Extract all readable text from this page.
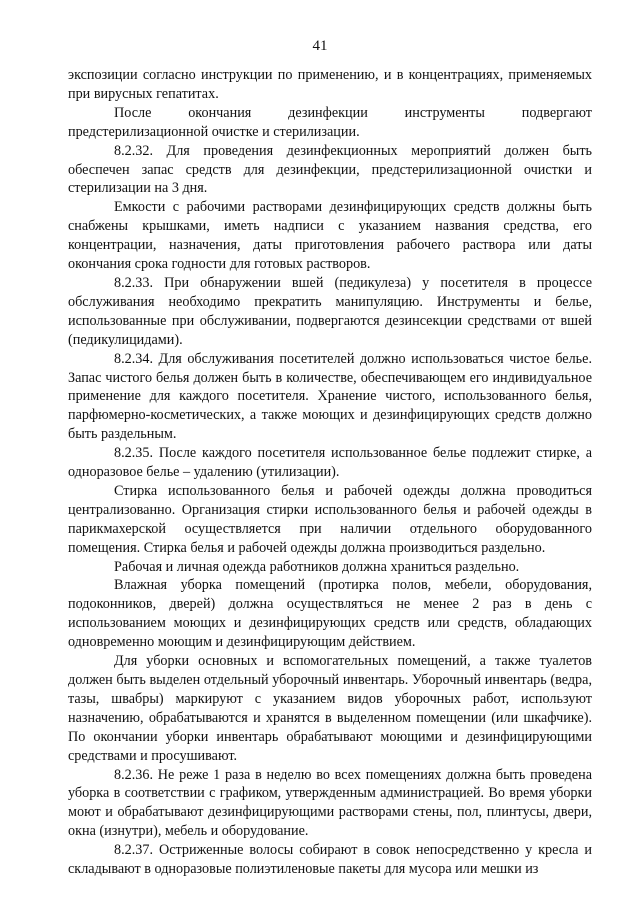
41

экспозиции согласно инструкции по применению, и в концентрациях, применяемых при вирусных гепатитах.

После окончания дезинфекции инструменты подвергают предстерилизационной очистке и стерилизации.

8.2.32. Для проведения дезинфекционных мероприятий должен быть обеспечен запас средств для дезинфекции, предстерилизационной очистки и стерилизации на 3 дня.

Емкости с рабочими растворами дезинфицирующих средств должны быть снабжены крышками, иметь надписи с указанием названия средства, его концентрации, назначения, даты приготовления рабочего раствора или даты окончания срока годности для готовых растворов.

8.2.33. При обнаружении вшей (педикулеза) у посетителя в процессе обслуживания необходимо прекратить манипуляцию. Инструменты и белье, использованные при обслуживании, подвергаются дезинсекции средствами от вшей (педикулицидами).

8.2.34. Для обслуживания посетителей должно использоваться чистое белье. Запас чистого белья должен быть в количестве, обеспечивающем его индивидуальное применение для каждого посетителя. Хранение чистого, использованного белья, парфюмерно-косметических, а также моющих и дезинфицирующих средств должно быть раздельным.

8.2.35. После каждого посетителя использованное белье подлежит стирке, а одноразовое белье – удалению (утилизации).

Стирка использованного белья и рабочей одежды должна проводиться централизованно. Организация стирки использованного белья и рабочей одежды в парикмахерской осуществляется при наличии отдельного оборудованного помещения. Стирка белья и рабочей одежды должна производиться раздельно.

Рабочая и личная одежда работников должна храниться раздельно.

Влажная уборка помещений (протирка полов, мебели, оборудования, подоконников, дверей) должна осуществляться не менее 2 раз в день с использованием моющих и дезинфицирующих средств или средств, обладающих одновременно моющим и дезинфицирующим действием.

Для уборки основных и вспомогательных помещений, а также туалетов должен быть выделен отдельный уборочный инвентарь. Уборочный инвентарь (ведра, тазы, швабры) маркируют с указанием видов уборочных работ, используют назначению, обрабатываются и хранятся в выделенном помещении (или шкафчике). По окончании уборки инвентарь обрабатывают моющими и дезинфицирующими средствами и просушивают.

8.2.36. Не реже 1 раза в неделю во всех помещениях должна быть проведена уборка в соответствии с графиком, утвержденным администрацией. Во время уборки моют и обрабатывают дезинфицирующими растворами стены, пол, плинтусы, двери, окна (изнутри), мебель и оборудование.

8.2.37. Остриженные волосы собирают в совок непосредственно у кресла и складывают в одноразовые полиэтиленовые пакеты для мусора или мешки из
